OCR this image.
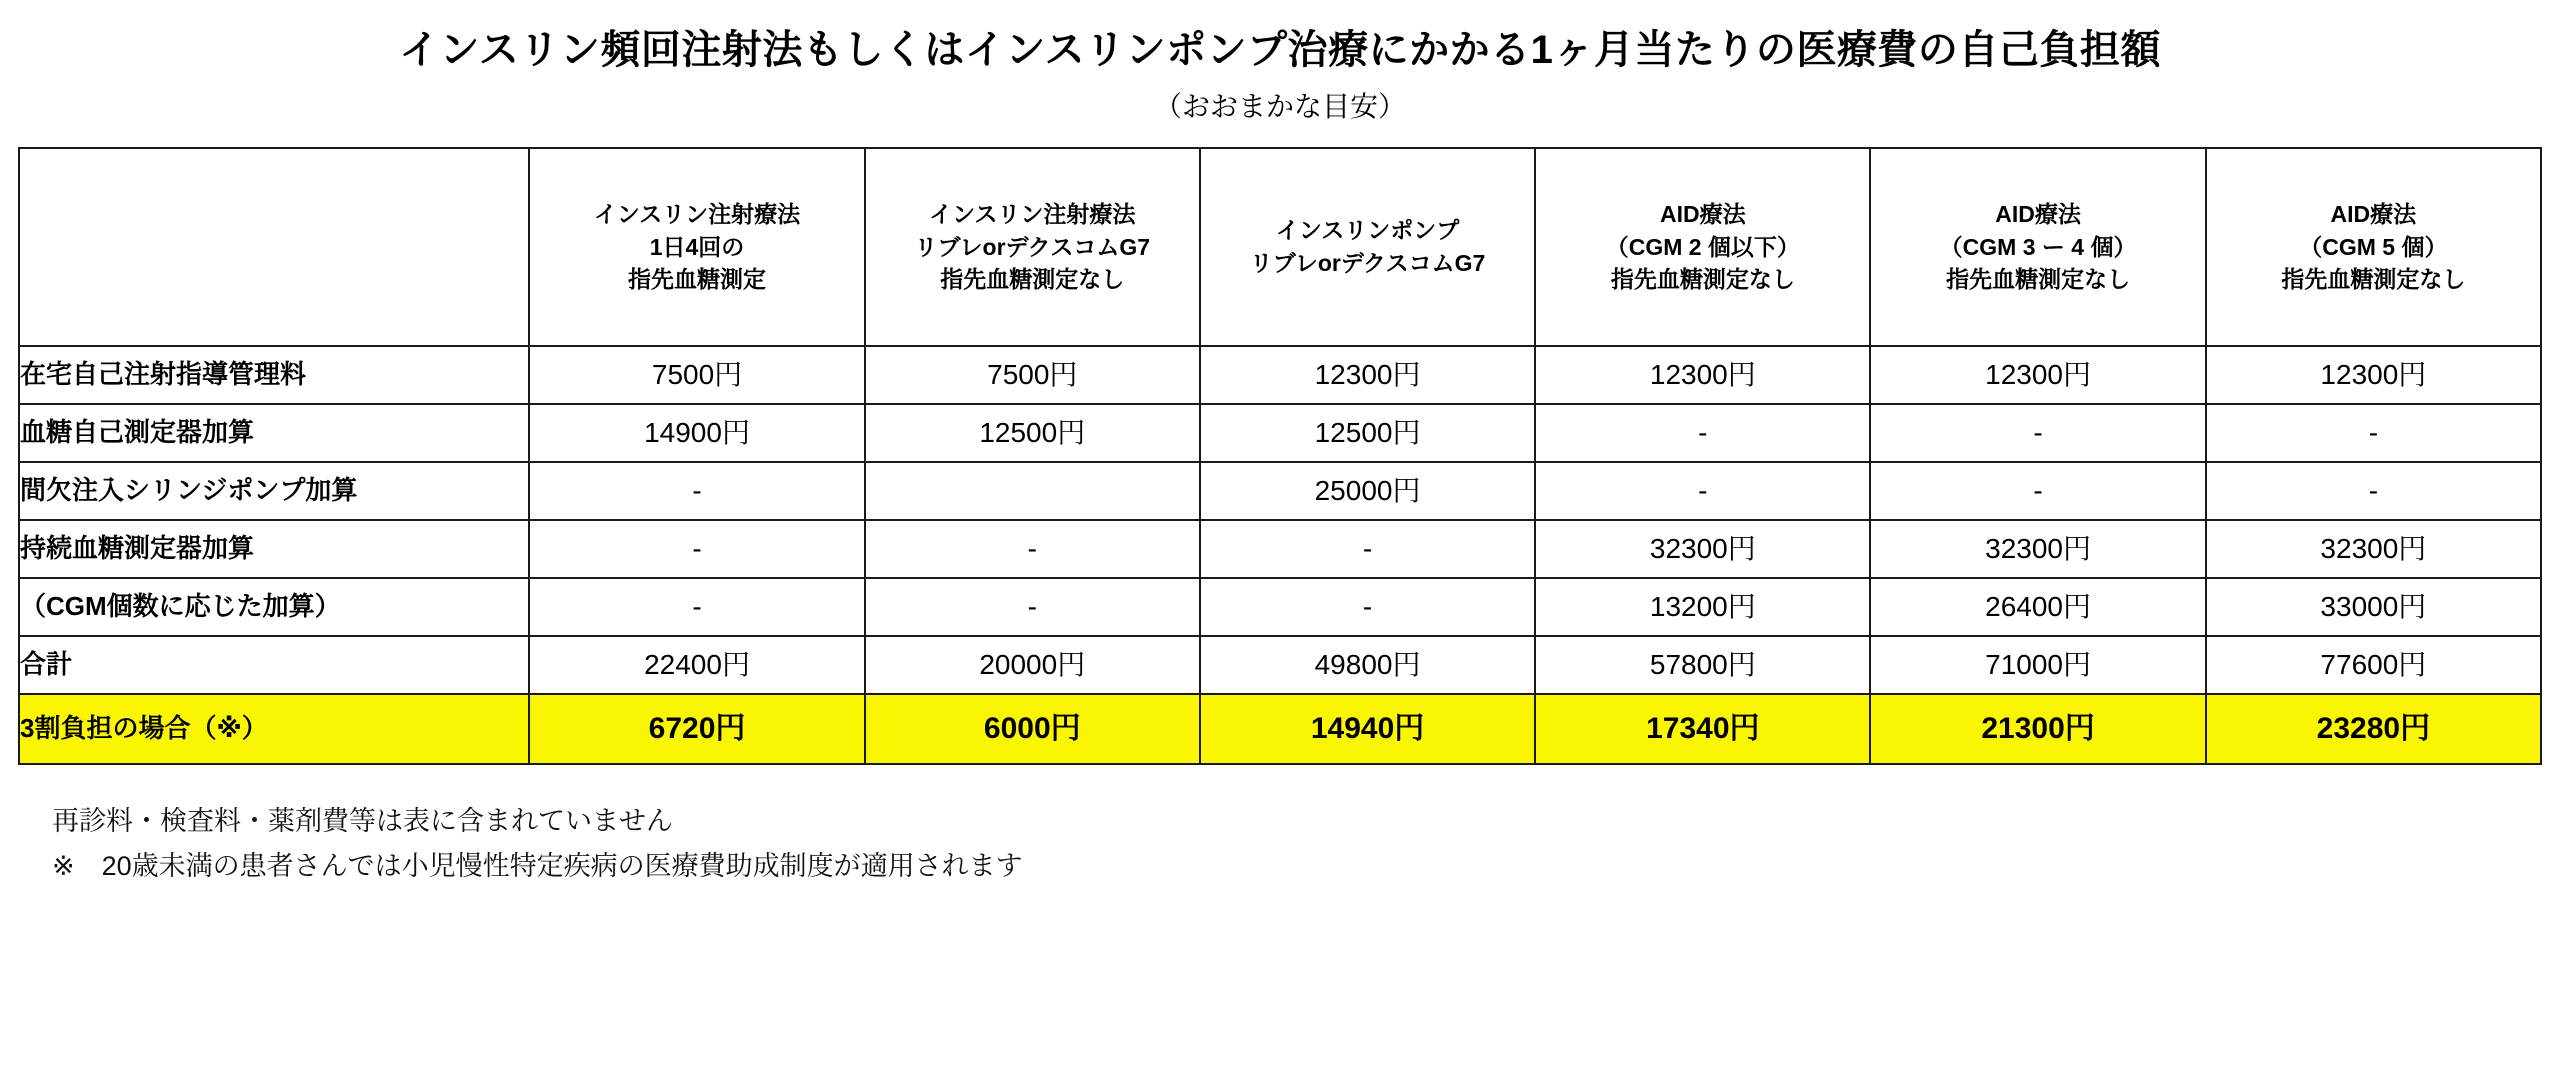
インスリン頻回注射法もしくはインスリンポンプ治療にかかる1ヶ月当たりの医療費の自己負担額
（おおまかな目安）

	インスリン注射療法
1日4回の
指先血糖測定	インスリン注射療法
リブレorデクスコムG7
指先血糖測定なし	インスリンポンプ
リブレorデクスコムG7	AID療法
（CGM 2 個以下）
指先血糖測定なし	AID療法
（CGM 3 ー 4 個）
指先血糖測定なし	AID療法
（CGM 5 個）
指先血糖測定なし

在宅自己注射指導管理料	7500円	7500円	12300円	12300円	12300円	12300円
血糖自己測定器加算	14900円	12500円	12500円	-	-	-
間欠注入シリンジポンプ加算	-		25000円	-	-	-
持続血糖測定器加算	-	-	-	32300円	32300円	32300円
（CGM個数に応じた加算）	-	-	-	13200円	26400円	33000円
合計	22400円	20000円	49800円	57800円	71000円	77600円
3割負担の場合（※）	6720円	6000円	14940円	17340円	21300円	23280円
再診料・検査料・薬剤費等は表に含まれていません
※　20歳未満の患者さんでは小児慢性特定疾病の医療費助成制度が適用されます
